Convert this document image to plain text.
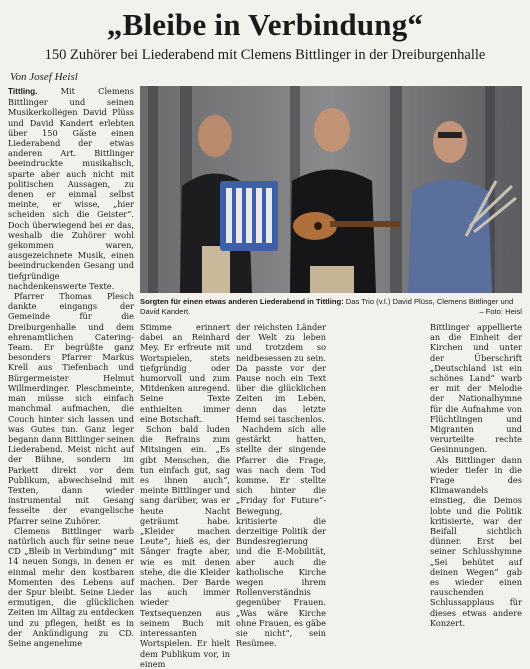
„Bleibe in Verbindung“
150 Zuhörer bei Liederabend mit Clemens Bittlinger in der Dreiburgenhalle
Von Josef Heisl

Tittling.	Mit Clemens Bittlinger und seinen Musikerkollegen David Plüss und David Kandert erlebten über 150 Gäste einen Liederabend der etwas anderen Art. Bittlinger beeindruckte musikalisch, sparte aber auch nicht mit politischen Aussagen, zu denen er einmal selbst meinte, er wisse, „hier scheiden sich die Geister“. Doch überwiegend bei er das, weshalb die Zuhörer wohl gekommen waren, ausgezeichnete Musik, einen beeindruckenden Gesang und tiefgründige nachdenkenswerte Texte.

Pfarrer Thomas Plesch dankte eingangs der Gemeinde für die Dreiburgenhalle und dem ehrenamtlichen Catering-Team. Er begrüßte ganz besonders Pfarrer Markus Krell aus Tiefenbach und Bürgermeister Helmut Willmerdinger. Pleschmeinte, man müsse sich einfach manchmal aufmachen, die Couch hinter sich lassen und was Gutes tun. Ganz leger begann dann Bittlinger seinen Liederabend. Meist nicht auf der Bühne, sondern im Parkett direkt vor dem Publikum, abwechselnd mit Texten, dann wieder instrumental mit Gesang fesselte der evangelische Pfarrer seine Zuhörer.

Clemens Bittlinger warb natürlich auch für seine neue CD „Bleib in Verbindung“ mit 14 neuen Songs, in denen er einmal mehr den kostbaren Momenten des Lebens auf der Spur bleibt. Seine Lieder ermutigen, die glücklichen Zeiten im Alltag zu entdecken und zu pflegen, heißt es in der Ankündigung zu CD. Seine angenehme

Sorgten für einen etwas anderen Liederabend in Tittling: Das Trio (v.l.) David Plüss, Clemens Bittlinger und David Kandert.	– Foto: Heisl

Stimme erinnert dabei an Reinhard Mey. Er erfreute mit Wortspielen, stets tiefgründig oder humorvoll und zum Mitdenken anregend. Seine Texte enthielten immer eine Botschaft.

Schon bald luden die Refrains zum Mitsingen ein. „Es gibt Menschen, die tun einfach gut, sag es ihnen auch“, meinte Bittlinger und sang darüber, was er heute Nacht geträumt habe. „Kleider machen Leute“, hieß es, der Sänger fragte aber, wie es mit denen stehe, die die Kleider machen. Der Barde las auch immer wieder Textsequenzen aus seinem Buch mit interessanten Wortspielen. Er hielt dem Publikum vor, in einem

der reichsten Länder der Welt zu leben und trotzdem so neidbesessen zu sein. Da passte vor der Pause noch ein Text über die glücklichen Zeiten im Leben, denn das letzte Hemd sei taschenlos.

Nachdem sich alle gestärkt hatten, stellte der singende Pfarrer die Frage, was nach dem Tod komme. Er stellte sich hinter die „Friday for Future“-Bewegung, kritisierte die derzeitige Politik der Bundesregierung und die E-Mobilität, aber auch die katholische Kirche wegen ihrem Rollenverständnis gegenüber Frauen. „Was wäre Kirche ohne Frauen, es gäbe sie nicht“, sein Resümee.

Bittlinger appellierte an die Einheit der Kirchen und unter der Überschrift „Deutschland ist ein schönes Land“ warb er mit der Melodie der Nationalhymne für die Aufnahme von Flüchtlingen und Migranten und verurteilte rechte Gesinnungen.

Als Bittlinger dann wieder tiefer in die Frage des Klimawandels einstieg, die Demos lobte und die Politik kritisierte, war der Beifall sichtlich dünner. Erst bei seiner Schlusshymne „Sei behütet auf deinen Wegen“ gab es wieder einen rauschenden Schlussapplaus für dieses etwas andere Konzert.
